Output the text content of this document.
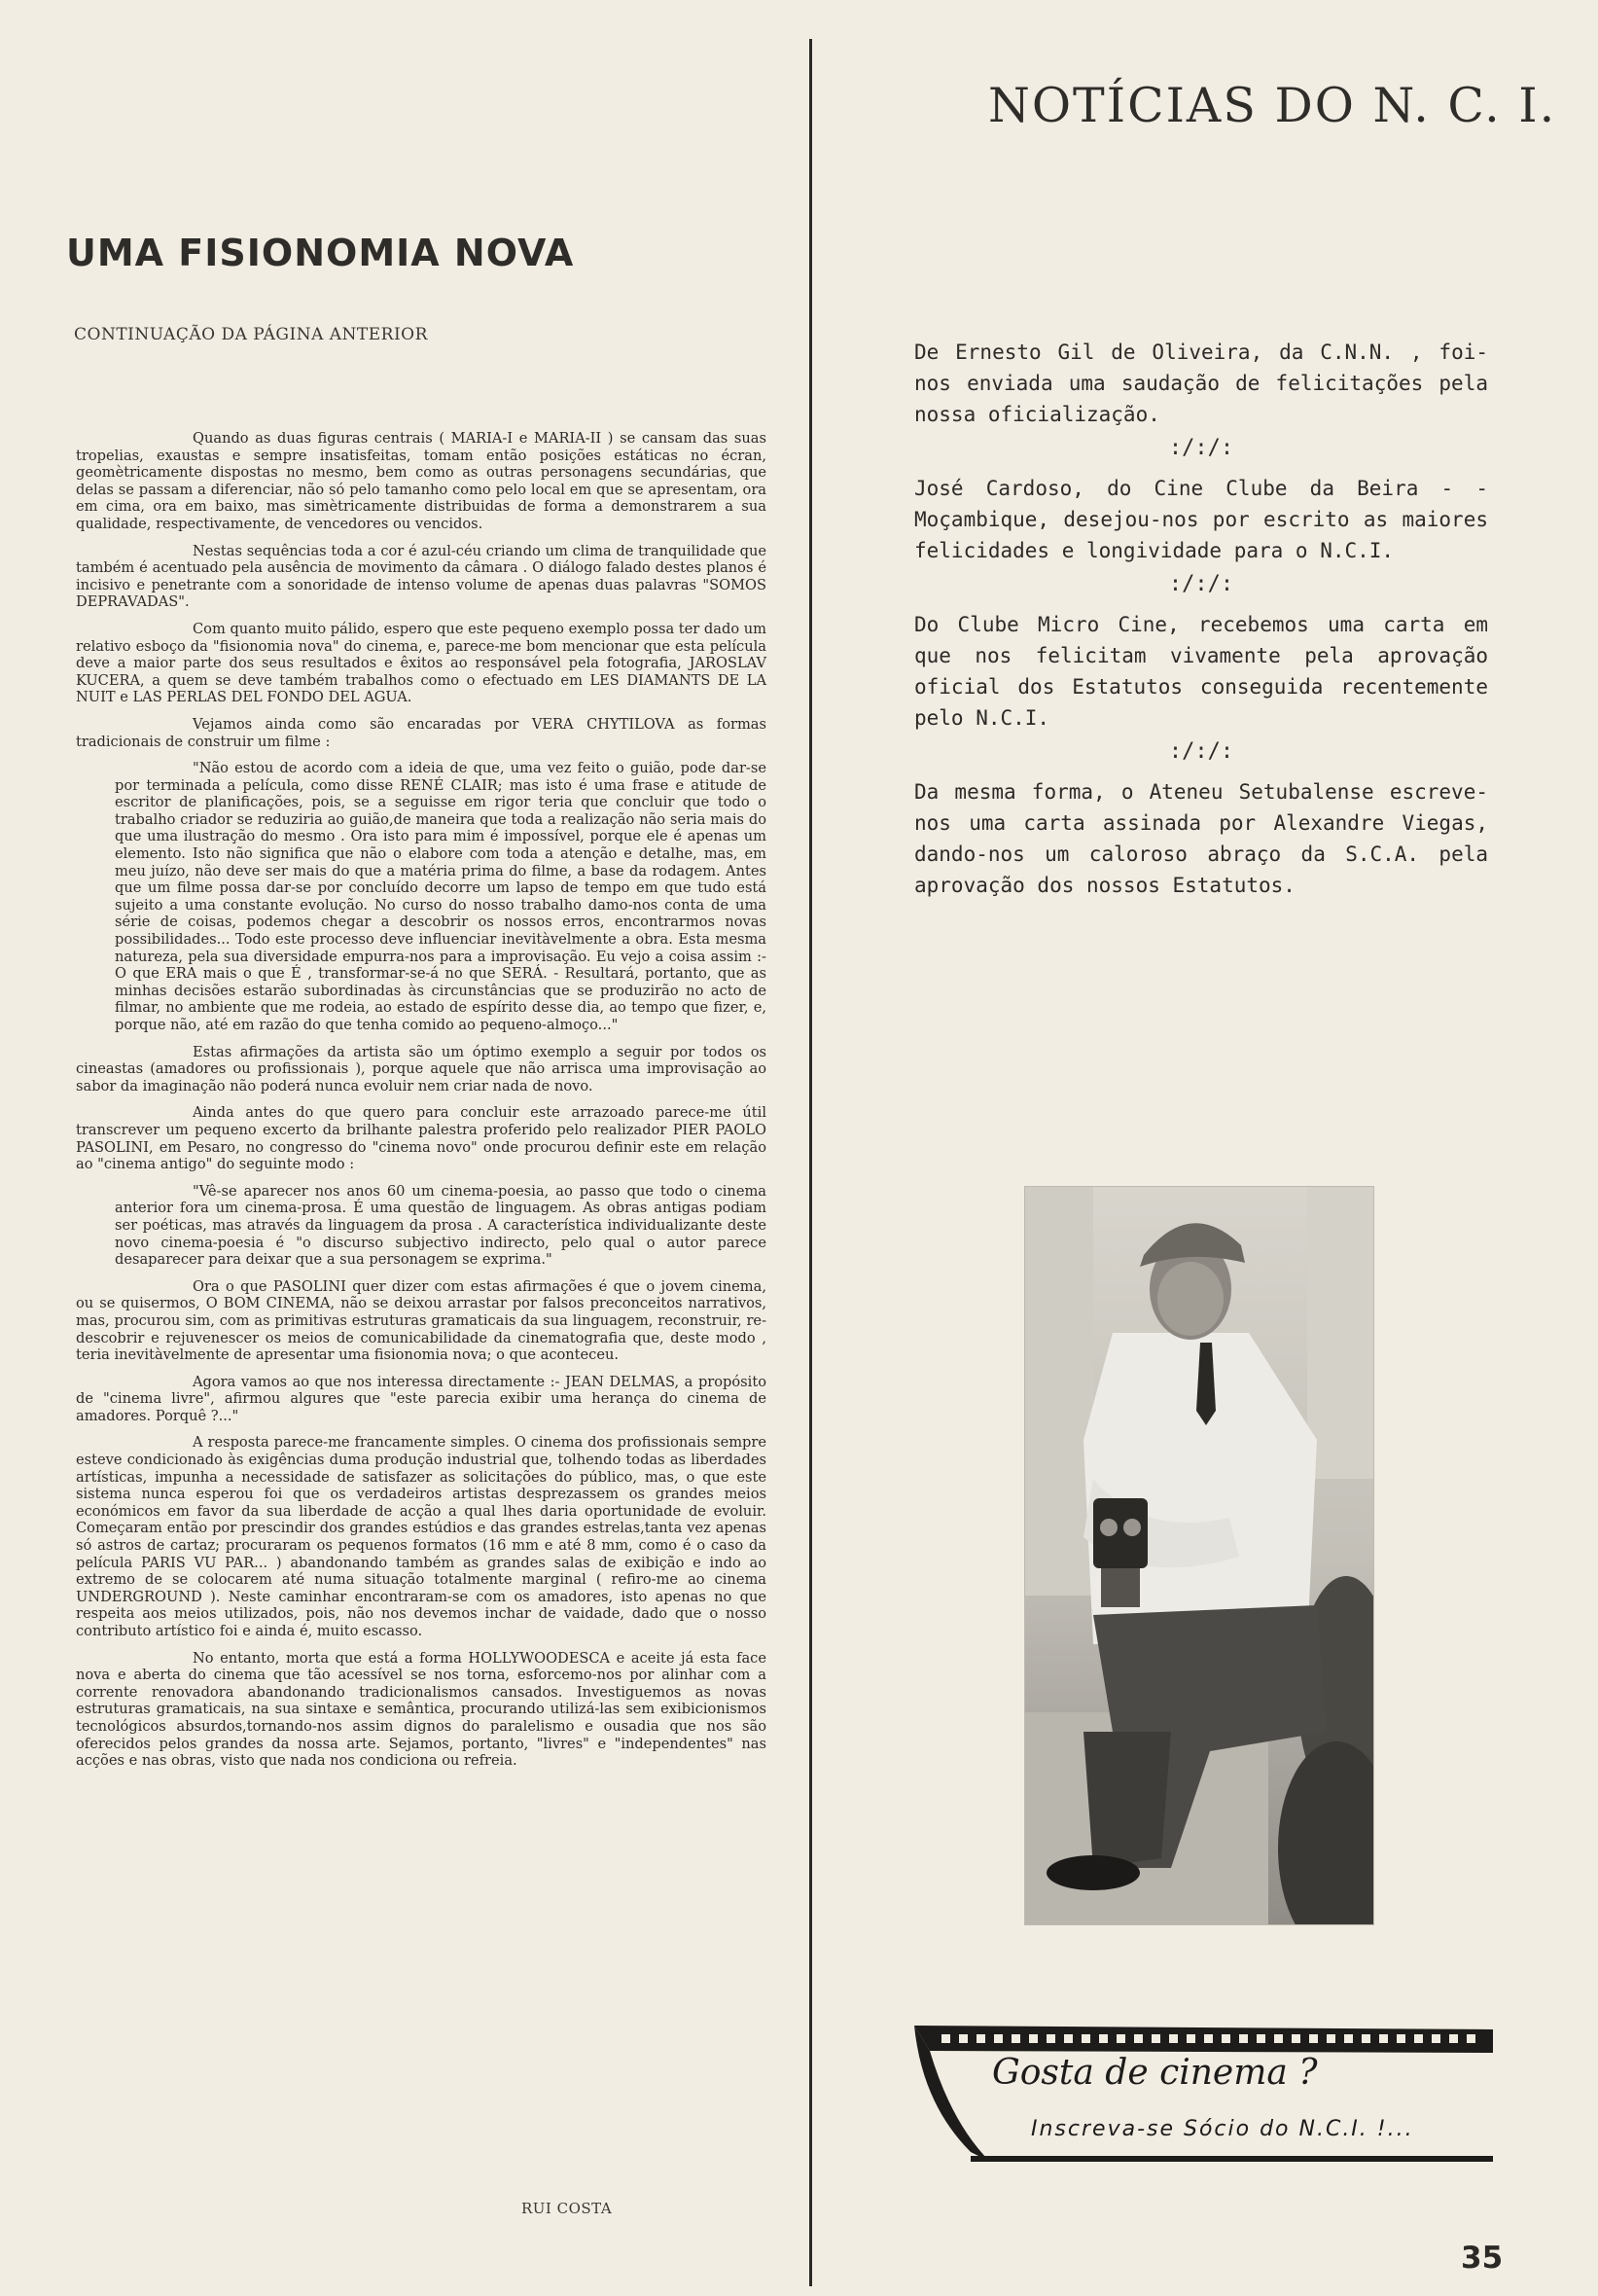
UMA FISIONOMIA NOVA
CONTINUAÇÃO DA PÁGINA ANTERIOR

Quando as duas figuras centrais ( MARIA-I e MARIA-II ) se cansam das suas tropelias, exaustas e sempre insatisfeitas, tomam então posições estáticas no écran, geomètricamente dispostas no mesmo, bem como as outras personagens secundárias, que delas se passam a diferenciar, não só pelo tamanho como pelo local em que se apresentam, ora em cima, ora em baixo, mas simètricamente distribuidas de forma a demonstrarem a sua qualidade, respectivamente, de vencedores ou vencidos.

Nestas sequências toda a cor é azul-céu criando um clima de tranquilidade que também é acentuado pela ausência de movimento da câmara . O diálogo falado destes planos é incisivo e penetrante com a sonoridade de intenso volume de apenas duas palavras "SOMOS DEPRAVADAS".

Com quanto muito pálido, espero que este pequeno exemplo possa ter dado um relativo esboço da "fisionomia nova" do cinema, e, parece-me bom mencionar que esta película deve a maior parte dos seus resultados e êxitos ao responsável pela fotografia, JAROSLAV KUCERA, a quem se deve também trabalhos como o efectuado em LES DIAMANTS DE LA NUIT e LAS PERLAS DEL FONDO DEL AGUA.

Vejamos ainda como são encaradas por VERA CHYTILOVA as formas tradicionais de construir um filme :

"Não estou de acordo com a ideia de que, uma vez feito o guião, pode dar-se por terminada a película, como disse RENÉ CLAIR; mas isto é uma frase e atitude de escritor de planificações, pois, se a seguisse em rigor teria que concluir que todo o trabalho criador se reduziria ao guião,de maneira que toda a realização não seria mais do que uma ilustração do mesmo . Ora isto para mim é impossível, porque ele é apenas um elemento. Isto não significa que não o elabore com toda a atenção e detalhe, mas, em meu juízo, não deve ser mais do que a matéria prima do filme, a base da rodagem. Antes que um filme possa dar-se por concluído decorre um lapso de tempo em que tudo está sujeito a uma constante evolução. No curso do nosso trabalho damo-nos conta de uma série de coisas, podemos chegar a descobrir os nossos erros, encontrarmos novas possibilidades... Todo este processo deve influenciar inevitàvelmente a obra. Esta mesma natureza, pela sua diversidade empurra-nos para a improvisação. Eu vejo a coisa assim :- O que ERA mais o que É , transformar-se-á no que SERÁ. - Resultará, portanto, que as minhas decisões estarão subordinadas às circunstâncias que se produzirão no acto de filmar, no ambiente que me rodeia, ao estado de espírito desse dia, ao tempo que fizer, e, porque não, até em razão do que tenha comido ao pequeno-almoço..."

Estas afirmações da artista são um óptimo exemplo a seguir por todos os cineastas (amadores ou profissionais ), porque aquele que não arrisca uma improvisação ao sabor da imaginação não poderá nunca evoluir nem criar nada de novo.

Ainda antes do que quero para concluir este arrazoado parece-me útil transcrever um pequeno excerto da brilhante palestra proferido pelo realizador PIER PAOLO PASOLINI, em Pesaro, no congresso do "cinema novo" onde procurou definir este em relação ao "cinema antigo" do seguinte modo :

"Vê-se aparecer nos anos 60 um cinema-poesia, ao passo que todo o cinema anterior fora um cinema-prosa. É uma questão de linguagem. As obras antigas podiam ser poéticas, mas através da linguagem da prosa . A característica individualizante deste novo cinema-poesia é "o discurso subjectivo indirecto, pelo qual o autor parece desaparecer para deixar que a sua personagem se exprima."

Ora o que PASOLINI quer dizer com estas afirmações é que o jovem cinema, ou se quisermos, O BOM CINEMA, não se deixou arrastar por falsos preconceitos narrativos, mas, procurou sim, com as primitivas estruturas gramaticais da sua linguagem, reconstruir, re-descobrir e rejuvenescer os meios de comunicabilidade da cinematografia que, deste modo , teria inevitàvelmente de apresentar uma fisionomia nova; o que aconteceu.

Agora vamos ao que nos interessa directamente :- JEAN DELMAS, a propósito de "cinema livre", afirmou algures que "este parecia exibir uma herança do cinema de amadores. Porquê ?..."

A resposta parece-me francamente simples. O cinema dos profissionais sempre esteve condicionado às exigências duma produção industrial que, tolhendo todas as liberdades artísticas, impunha a necessidade de satisfazer as solicitações do público, mas, o que este sistema nunca esperou foi que os verdadeiros artistas desprezassem os grandes meios económicos em favor da sua liberdade de acção a qual lhes daria oportunidade de evoluir. Começaram então por prescindir dos grandes estúdios e das grandes estrelas,tanta vez apenas só astros de cartaz; procuraram os pequenos formatos (16 mm e até 8 mm, como é o caso da película PARIS VU PAR... ) abandonando também as grandes salas de exibição e indo ao extremo de se colocarem até numa situação totalmente marginal ( refiro-me ao cinema UNDERGROUND ). Neste caminhar encontraram-se com os amadores, isto apenas no que respeita aos meios utilizados, pois, não nos devemos inchar de vaidade, dado que o nosso contributo artístico foi e ainda é, muito escasso.

No entanto, morta que está a forma HOLLYWOODESCA e aceite já esta face nova e aberta do cinema que tão acessível se nos torna, esforcemo-nos por alinhar com a corrente renovadora abandonando tradicionalismos cansados. Investiguemos as novas estruturas gramaticais, na sua sintaxe e semântica, procurando utilizá-las sem exibicionismos tecnológicos absurdos,tornando-nos assim dignos do paralelismo e ousadia que nos são oferecidos pelos grandes da nossa arte. Sejamos, portanto, "livres" e "independentes" nas acções e nas obras, visto que nada nos condiciona ou refreia.

RUI COSTA
NOTÍCIAS DO N. C. I.
De Ernesto Gil de Oliveira, da C.N.N. , foi-nos enviada uma saudação de felicitações pela nossa oficialização.
:/:/:
José Cardoso, do Cine Clube da Beira - - Moçambique, desejou-nos por escrito as maiores felicidades e longividade para o N.C.I.
:/:/:
Do Clube Micro Cine, recebemos uma carta em que nos felicitam vivamente pela aprovação oficial dos Estatutos conseguida recentemente pelo N.C.I.
:/:/:
Da mesma forma, o Ateneu Setubalense escreve-nos uma carta assinada por Alexandre Viegas, dando-nos um caloroso abraço da S.C.A. pela aprovação dos nossos Estatutos.
Gosta de cinema ?
Inscreva-se Sócio do N.C.I. !...
35
